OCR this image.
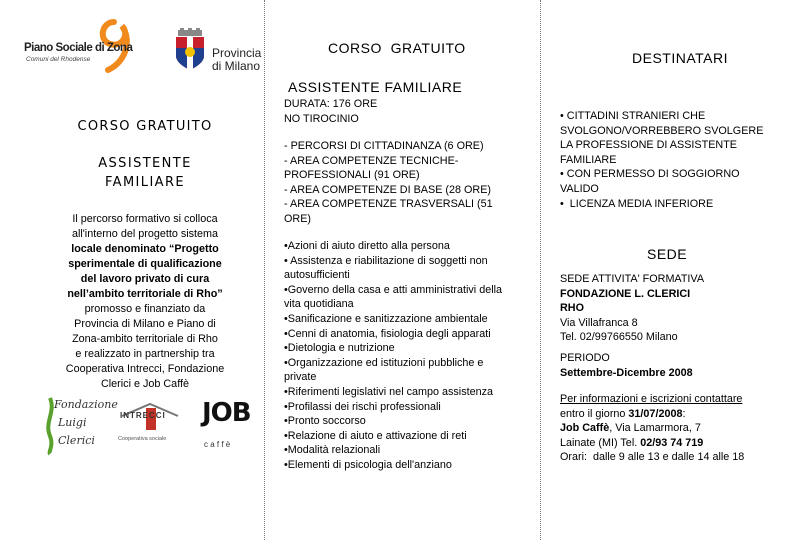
Piano Sociale di Zona
Comuni del Rhodense	Provincia
di Milano
CORSO  GRATUITO
DESTINATARI
CORSO GRATUITO
ASSISTENTE
FAMILIARE
Il percorso formativo si colloca
all'interno del progetto sistema
locale denominato “Progetto
sperimentale di qualificazione
del lavoro privato di cura
nell’ambito territoriale di Rho”
promosso e finanziato da
Provincia di Milano e Piano di
Zona-ambito territoriale di Rho
e realizzato in partnership tra
Cooperativa Intrecci, Fondazione
Clerici e Job Caffè
Fondazione
Luigi
Clerici
INTRECCI
Cooperativa sociale
JOB
c a f f è
ASSISTENTE FAMILIARE
DURATA: 176 ORE
NO TIROCINIO
- PERCORSI DI CITTADINANZA (6 ORE)
- AREA COMPETENZE TECNICHE-
PROFESSIONALI (91 ORE)
- AREA COMPETENZE DI BASE (28 ORE)
- AREA COMPETENZE TRASVERSALI (51
ORE)
•Azioni di aiuto diretto alla persona
• Assistenza e riabilitazione di soggetti non
autosufficienti
•Governo della casa e atti amministrativi della
vita quotidiana
•Sanificazione e sanitizzazione ambientale
•Cenni di anatomia, fisiologia degli apparati
•Dietologia e nutrizione
•Organizzazione ed istituzioni pubbliche e
private
•Riferimenti legislativi nel campo assistenza
•Profilassi dei rischi professionali
•Pronto soccorso
•Relazione di aiuto e attivazione di reti
•Modalità relazionali
•Elementi di psicologia dell'anziano
• CITTADINI STRANIERI CHE
SVOLGONO/VORREBBERO SVOLGERE
LA PROFESSIONE DI ASSISTENTE
FAMILIARE
• CON PERMESSO DI SOGGIORNO
VALIDO
•  LICENZA MEDIA INFERIORE
SEDE
SEDE ATTIVITA' FORMATIVA
FONDAZIONE L. CLERICI
RHO
Via Villafranca 8
Tel. 02/99766550 Milano
PERIODO
Settembre-Dicembre 2008
Per informazioni e iscrizioni contattare
entro il giorno 31/07/2008:
Job Caffè, Via Lamarmora, 7
Lainate (MI) Tel. 02/93 74 719
Orari:  dalle 9 alle 13 e dalle 14 alle 18
